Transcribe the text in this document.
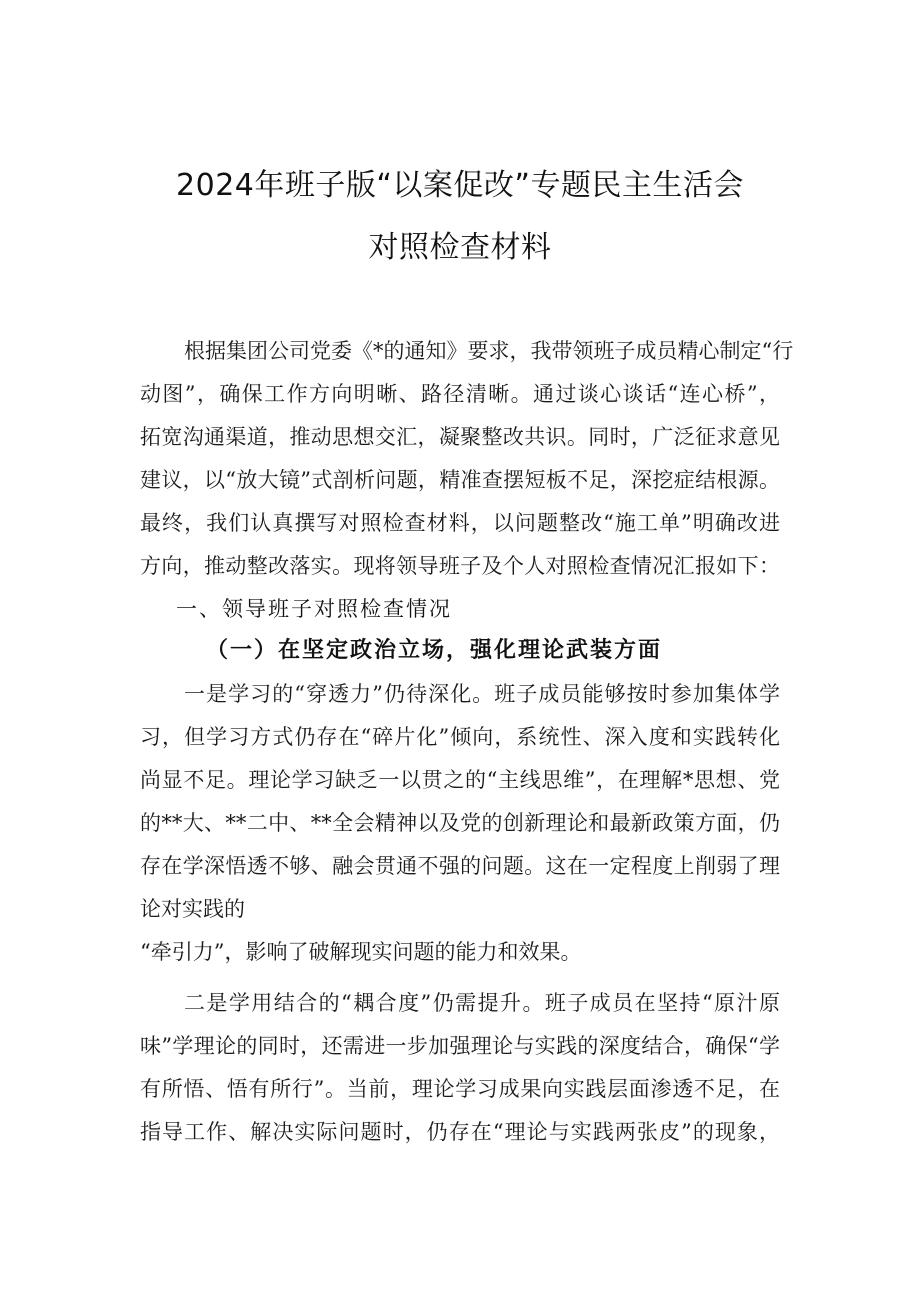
2024年班子版“以案促改”专题民主生活会
对照检查材料
根据集团公司党委《*的通知》要求，我带领班子成员精心制定“行
动图”，确保工作方向明晰、路径清晰。通过谈心谈话“连心桥”，
拓宽沟通渠道，推动思想交汇，凝聚整改共识。同时，广泛征求意见
建议，以“放大镜”式剖析问题，精准查摆短板不足，深挖症结根源。
最终，我们认真撰写对照检查材料，以问题整改“施工单”明确改进
方向，推动整改落实。现将领导班子及个人对照检查情况汇报如下：
一、领导班子对照检查情况
（一）在坚定政治立场，强化理论武装方面
一是学习的“穿透力”仍待深化。班子成员能够按时参加集体学
习，但学习方式仍存在“碎片化”倾向，系统性、深入度和实践转化
尚显不足。理论学习缺乏一以贯之的“主线思维”，在理解*思想、党
的**大、**二中、**全会精神以及党的创新理论和最新政策方面，仍
存在学深悟透不够、融会贯通不强的问题。这在一定程度上削弱了理
论对实践的
“牵引力”，影响了破解现实问题的能力和效果。
二是学用结合的“耦合度”仍需提升。班子成员在坚持“原汁原
味”学理论的同时，还需进一步加强理论与实践的深度结合，确保“学
有所悟、悟有所行”。当前，理论学习成果向实践层面渗透不足，在
指导工作、解决实际问题时，仍存在“理论与实践两张皮”的现象，
